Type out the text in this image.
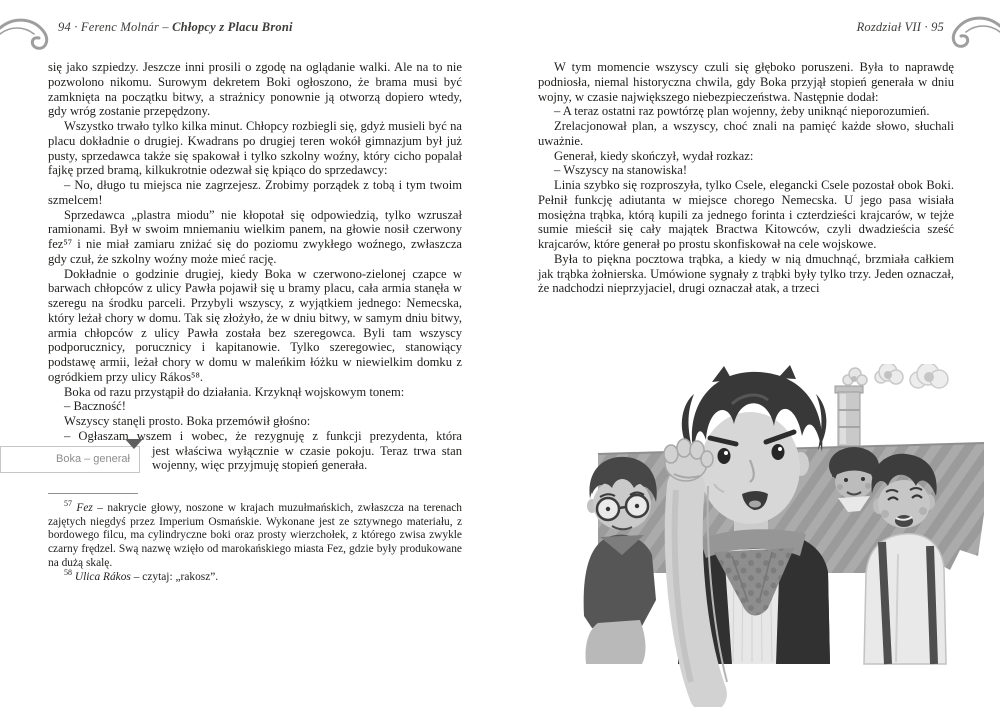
94 · Ferenc Molnár – Chłopcy z Placu Broni	Rozdział VII · 95

się jako szpiedzy. Jeszcze inni prosili o zgodę na oglądanie walki. Ale na to nie pozwolono nikomu. Surowym dekretem Boki ogłoszono, że brama musi być zamknięta na początku bitwy, a strażnicy ponownie ją otworzą dopiero wtedy, gdy wróg zostanie przepędzony.

Wszystko trwało tylko kilka minut. Chłopcy rozbiegli się, gdyż musieli być na placu dokładnie o drugiej. Kwadrans po drugiej teren wokół gimnazjum był już pusty, sprzedawca także się spakował i tylko szkolny woźny, który cicho popalał fajkę przed bramą, kilkukrotnie odezwał się kpiąco do sprzedawcy:

– No, długo tu miejsca nie zagrzejesz. Zrobimy porządek z tobą i tym twoim szmelcem!

Sprzedawca „plastra miodu” nie kłopotał się odpowiedzią, tylko wzruszał ramionami. Był w swoim mniemaniu wielkim panem, na głowie nosił czerwony fez⁵⁷ i nie miał zamiaru zniżać się do poziomu zwykłego woźnego, zwłaszcza gdy czuł, że szkolny woźny może mieć rację.

Dokładnie o godzinie drugiej, kiedy Boka w czerwono-zielonej czapce w barwach chłopców z ulicy Pawła pojawił się u bramy placu, cała armia stanęła w szeregu na środku parceli. Przybyli wszyscy, z wyjątkiem jednego: Nemecska, który leżał chory w domu. Tak się złożyło, że w dniu bitwy, w samym dniu bitwy, armia chłopców z ulicy Pawła została bez szeregowca. Byli tam wszyscy podporucznicy, porucznicy i kapitanowie. Tylko szeregowiec, stanowiący podstawę armii, leżał chory w domu w maleńkim łóżku w niewielkim domku z ogródkiem przy ulicy Rákos⁵⁸.

Boka od razu przystąpił do działania. Krzyknął wojskowym tonem:

– Baczność!

Wszyscy stanęli prosto. Boka przemówił głośno:

– Ogłaszam wszem i wobec, że rezygnuję z funkcji prezydenta, która
Boka – generał
jest właściwa wyłącznie w czasie pokoju. Teraz trwa stan wojenny, więc przyjmuję stopień generała.

$^{57}$ Fez – nakrycie głowy, noszone w krajach muzułmańskich, zwłaszcza na terenach zajętych niegdyś przez Imperium Osmańskie. Wykonane jest ze sztywnego materiału, z bordowego filcu, ma cylindryczne boki oraz prosty wierzchołek, z którego zwisa zwykle czarny frędzel. Swą nazwę wzięło od marokańskiego miasta Fez, gdzie były produkowane na dużą skalę.

$^{58}$ Ulica Rákos – czytaj: „rakosz”.

W tym momencie wszyscy czuli się głęboko poruszeni. Była to naprawdę podniosła, niemal historyczna chwila, gdy Boka przyjął stopień generała w dniu wojny, w czasie największego niebezpieczeństwa. Następnie dodał:

– A teraz ostatni raz powtórzę plan wojenny, żeby uniknąć nieporozumień.

Zrelacjonował plan, a wszyscy, choć znali na pamięć każde słowo, słuchali uważnie.

Generał, kiedy skończył, wydał rozkaz:

– Wszyscy na stanowiska!

Linia szybko się rozproszyła, tylko Csele, elegancki Csele pozostał obok Boki. Pełnił funkcję adiutanta w miejsce chorego Nemecska. U jego pasa wisiała mosiężna trąbka, którą kupili za jednego forinta i czterdzieści krajcarów, w tejże sumie mieścił się cały majątek Bractwa Kitowców, czyli dwadzieścia sześć krajcarów, które generał po prostu skonfiskował na cele wojskowe.

Była to piękna pocztowa trąbka, a kiedy w nią dmuchnąć, brzmiała całkiem jak trąbka żołnierska. Umówione sygnały z trąbki były tylko trzy. Jeden oznaczał, że nadchodzi nieprzyjaciel, drugi oznaczał atak, a trzeci
